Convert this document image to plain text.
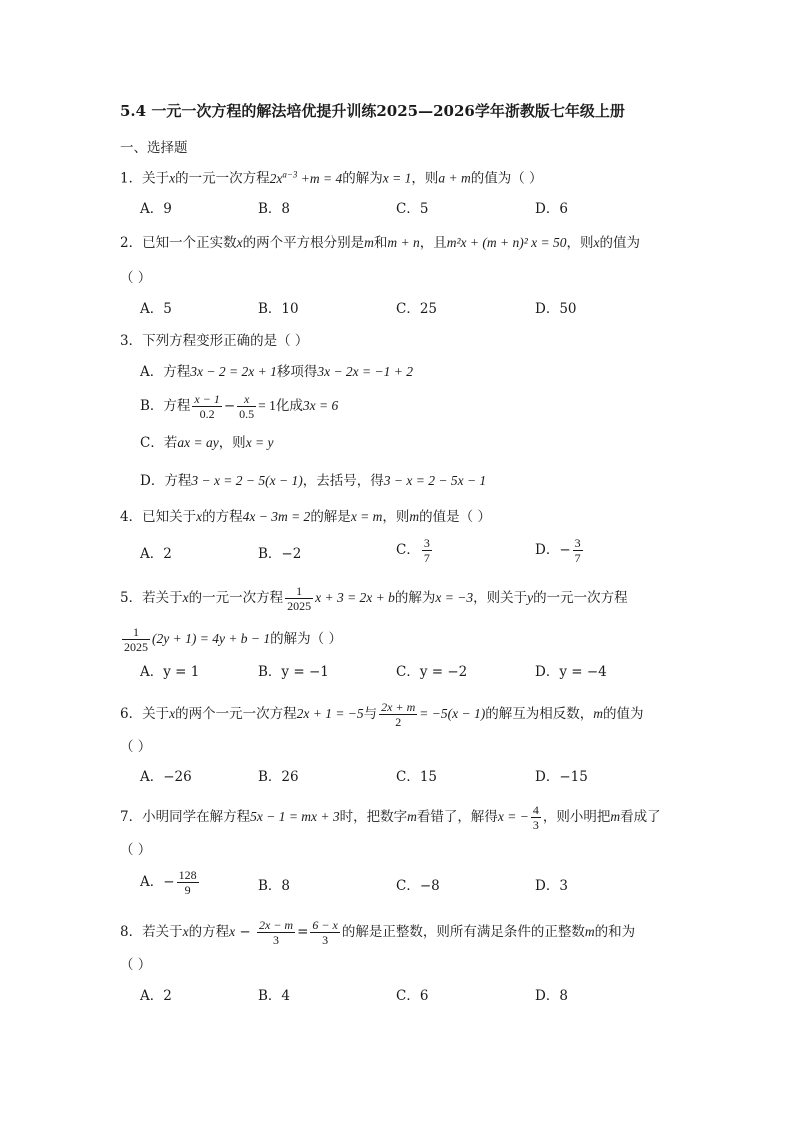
5.4 一元一次方程的解法培优提升训练2025—2026学年浙教版七年级上册
一、选择题
1．关于x的一元一次方程$2x^{a-3} +m = 4$的解为x = 1，则a + m的值为（ ）
A．9	B．8	C．5	D．6
2．已知一个正实数x的两个平方根分别是m和m + n，且m²x + (m + n)² x = 50，则x的值为
（ ）
A．5	B．10	C．25	D．50
3．下列方程变形正确的是（ ）
A．方程3x − 2 = 2x + 1移项得3x − 2x = −1 + 2
B．方程 $\frac{x - 1}{0.2} - \frac{x}{0.5} = 1$化成3x = 6
C．若ax = ay，则x = y
D．方程3 − x = 2 − 5(x − 1)，去括号，得3 − x = 2 − 5x − 1
4．已知关于x的方程4x − 3m = 2的解是x = m，则m的值是（ ）
A．2	B．−2	C． $\frac{3}{7}$	D．− $\frac{3}{7}$
5．若关于x的一元一次方程 $\frac{1}{2025}$ x + 3 = 2x + b的解为x = −3，则关于y的一元一次方程
$\frac{1}{2025} (2y + 1) = 4y + b - 1$的解为（ ）
A．y = 1	B．y = −1	C．y = −2	D．y = −4
6．关于x的两个一元一次方程2x + 1 = −5与 $\frac{2x + m}{2} = -5(x - 1)$的解互为相反数，m的值为
（ ）
A．−26	B．26	C．15	D．−15
7．小明同学在解方程5x − 1 = mx + 3时，把数字m看错了，解得x = − $\frac{4}{3}$ ，则小明把m看成了
（ ）
A．− $\frac{128}{9}$	B．8	C．−8	D．3
8．若关于x的方程$x - \frac{2x - m}{3} = \frac{6 - x}{3}$ 的解是正整数，则所有满足条件的正整数m的和为
（ ）
A．2	B．4	C．6	D．8
